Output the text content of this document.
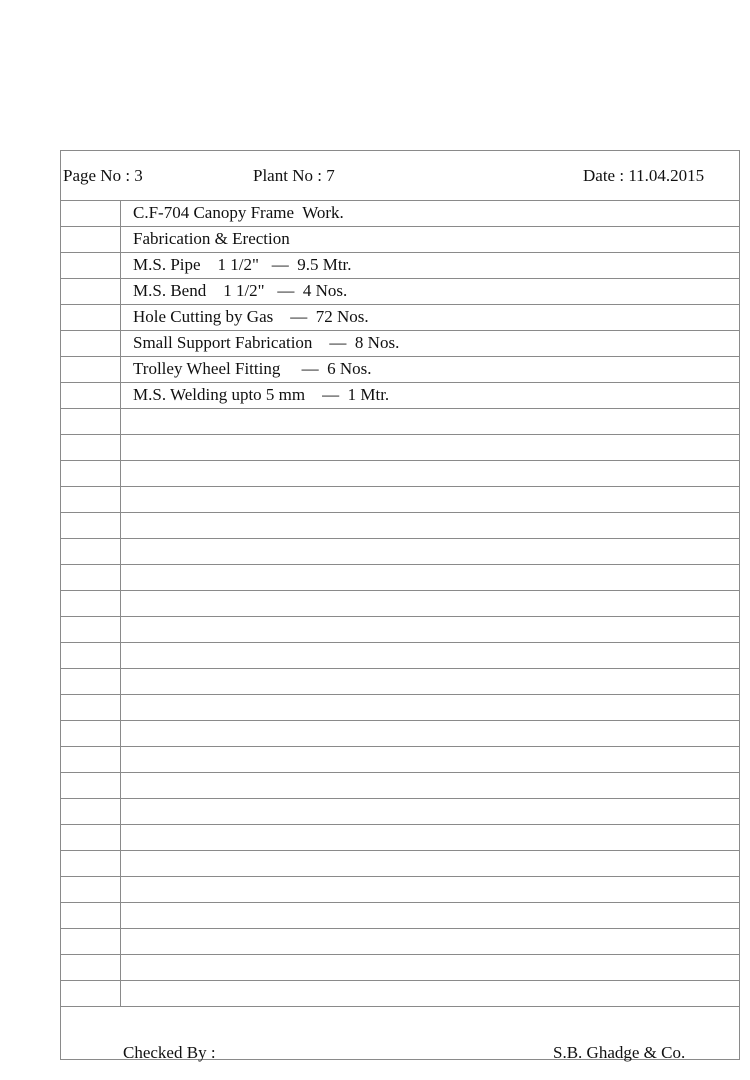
Page No : 3	Plant No : 7	Date : 11.04.2015
C.F-704 Canopy Frame  Work.
Fabrication & Erection
M.S. Pipe    1 1/2"   —  9.5 Mtr.
M.S. Bend    1 1/2"   —  4 Nos.
Hole Cutting by Gas    —  72 Nos.
Small Support Fabrication    —  8 Nos.
Trolley Wheel Fitting     —  6 Nos.
M.S. Welding upto 5 mm    —  1 Mtr.
Checked By :	S.B. Ghadge & Co.
